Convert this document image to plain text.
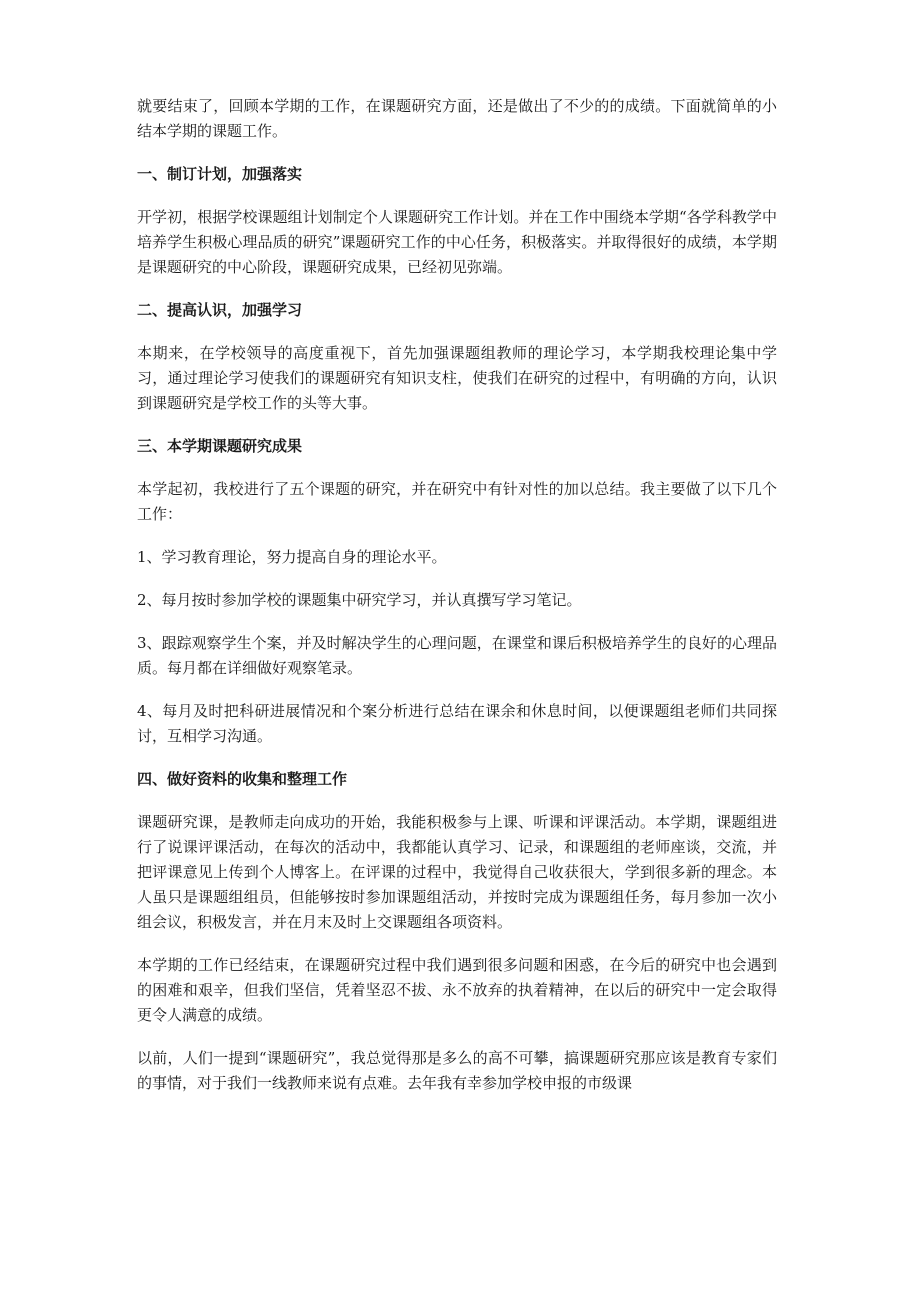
就要结束了，回顾本学期的工作，在课题研究方面，还是做出了不少的的成绩。下面就简单的小结本学期的课题工作。

一、制订计划，加强落实

开学初，根据学校课题组计划制定个人课题研究工作计划。并在工作中围绕本学期“各学科教学中培养学生积极心理品质的研究”课题研究工作的中心任务，积极落实。并取得很好的成绩，本学期是课题研究的中心阶段，课题研究成果，已经初见弥端。

二、提高认识，加强学习

本期来，在学校领导的高度重视下，首先加强课题组教师的理论学习，本学期我校理论集中学习，通过理论学习使我们的课题研究有知识支柱，使我们在研究的过程中，有明确的方向，认识到课题研究是学校工作的头等大事。

三、本学期课题研究成果

本学起初，我校进行了五个课题的研究，并在研究中有针对性的加以总结。我主要做了以下几个工作：

1、学习教育理论，努力提高自身的理论水平。

2、每月按时参加学校的课题集中研究学习，并认真撰写学习笔记。

3、跟踪观察学生个案，并及时解决学生的心理问题，在课堂和课后积极培养学生的良好的心理品质。每月都在详细做好观察笔录。

4、每月及时把科研进展情况和个案分析进行总结在课余和休息时间，以便课题组老师们共同探讨，互相学习沟通。

四、做好资料的收集和整理工作

课题研究课，是教师走向成功的开始，我能积极参与上课、听课和评课活动。本学期，课题组进行了说课评课活动，在每次的活动中，我都能认真学习、记录，和课题组的老师座谈，交流，并把评课意见上传到个人博客上。在评课的过程中，我觉得自己收获很大，学到很多新的理念。本人虽只是课题组组员，但能够按时参加课题组活动，并按时完成为课题组任务，每月参加一次小组会议，积极发言，并在月末及时上交课题组各项资料。

本学期的工作已经结束，在课题研究过程中我们遇到很多问题和困惑，在今后的研究中也会遇到的困难和艰辛，但我们坚信，凭着坚忍不拔、永不放弃的执着精神，在以后的研究中一定会取得更令人满意的成绩。

以前，人们一提到“课题研究”，我总觉得那是多么的高不可攀，搞课题研究那应该是教育专家们的事情，对于我们一线教师来说有点难。去年我有幸参加学校申报的市级课
